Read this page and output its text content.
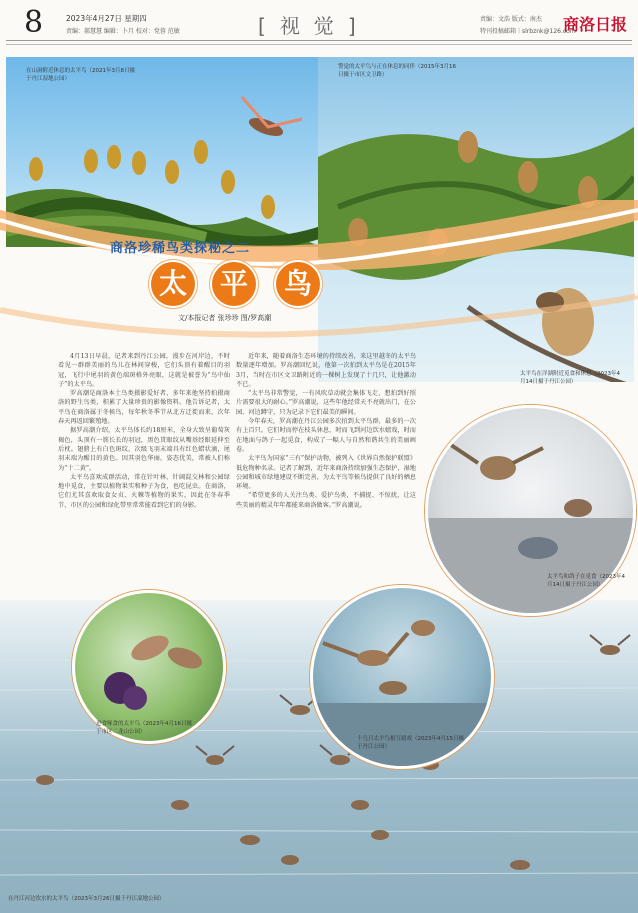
8	2023年4月27日 星期四
责编：郝慧慧 编辑：卜月 校对：党蓉 范敏	[视觉]	责编：文浩 版式：南杰
特刊投稿邮箱｜slrbznk@126.com
商洛日报
在山洞附近休息的太平鸟（2021年3月8日摄于丹江湿地公园）
警觉的太平鸟与正在休息的同伴（2015年3月16日摄于市区文卫路）
太平鸟在洋湖附近觅食和休息（2023年4月14日摄于丹江公园）
商洛珍稀鸟类探秘之二
太 平 鸟
文/本报记者 张珍珍 图/罗高潮

4月13日早晨，记者来到丹江公园，漫步在河岸边，不时看见一群群美丽的鸟儿在林间穿梭，它们头顶有着醒目的羽冠，飞行中尾羽的黄色端斑格外亮眼，这就是被誉为“鸟中仙子”的太平鸟。

罗高潮是商洛本土鸟类摄影爱好者，多年来他坚持拍摄商洛的野生鸟类，积累了大量珍贵的影像资料。他告诉记者，太平鸟在商洛属于冬候鸟，每年秋冬季节从北方迁徙而来，次年春天再返回繁殖地。

据罗高潮介绍，太平鸟体长约18厘米，全身大致呈葡萄灰褐色，头顶有一簇长长的羽冠，黑色贯眼纹从嘴基经眼延伸至后枕。翅膀上有白色斑纹，次级飞羽末端具有红色蜡状滴，尾羽末端为醒目的黄色。因其羽色华丽，姿态优美，常被人们称为“十二黄”。

太平鸟喜欢成群活动，常在针叶林、针阔混交林和公园绿地中觅食，主要以植物果实和种子为食，也吃昆虫。在商洛，它们尤其喜欢取食女贞、火棘等植物的果实，因此在冬春季节，市区的公园和绿化带里常常能看到它们的身影。

近年来，随着商洛生态环境的持续改善，来这里越冬的太平鸟数量逐年增加。罗高潮回忆说，他第一次拍到太平鸟是在2015年3月，当时在市区文卫路附近的一棵树上发现了十几只，让他激动不已。

“太平鸟非常警觉，一有风吹草动就会集体飞走，想拍到好照片需要很大的耐心。”罗高潮说，这些年他经常天不亮就出门，在公园、河边蹲守，只为记录下它们最美的瞬间。

今年春天，罗高潮在丹江公园多次拍到太平鸟群，最多的一次有上百只。它们时而停在枝头休息，时而飞到河边饮水嬉戏，时而在地面与鸽子一起觅食，构成了一幅人与自然和谐共生的美丽画卷。

太平鸟为国家“三有”保护动物，被列入《世界自然保护联盟》低危物种名录。记者了解到，近年来商洛持续加强生态保护，湿地公园和城市绿地建设不断完善，为太平鸟等候鸟提供了良好的栖息环境。

“希望更多的人关注鸟类、爱护鸟类，不捕捉、不惊扰，让这些美丽的精灵年年都能来商洛做客。”罗高潮说。

太平鸟和鸽子在觅食（2023年4月14日摄于丹江公园）
进食啄食的太平鸟（2023年4月16日摄于市区二龙山公园）
十几只太平鸟相互嬉戏（2023年4月15日摄于丹江公园）
在丹江河边饮水的太平鸟（2023年3月26日摄于丹江湿地公园）
